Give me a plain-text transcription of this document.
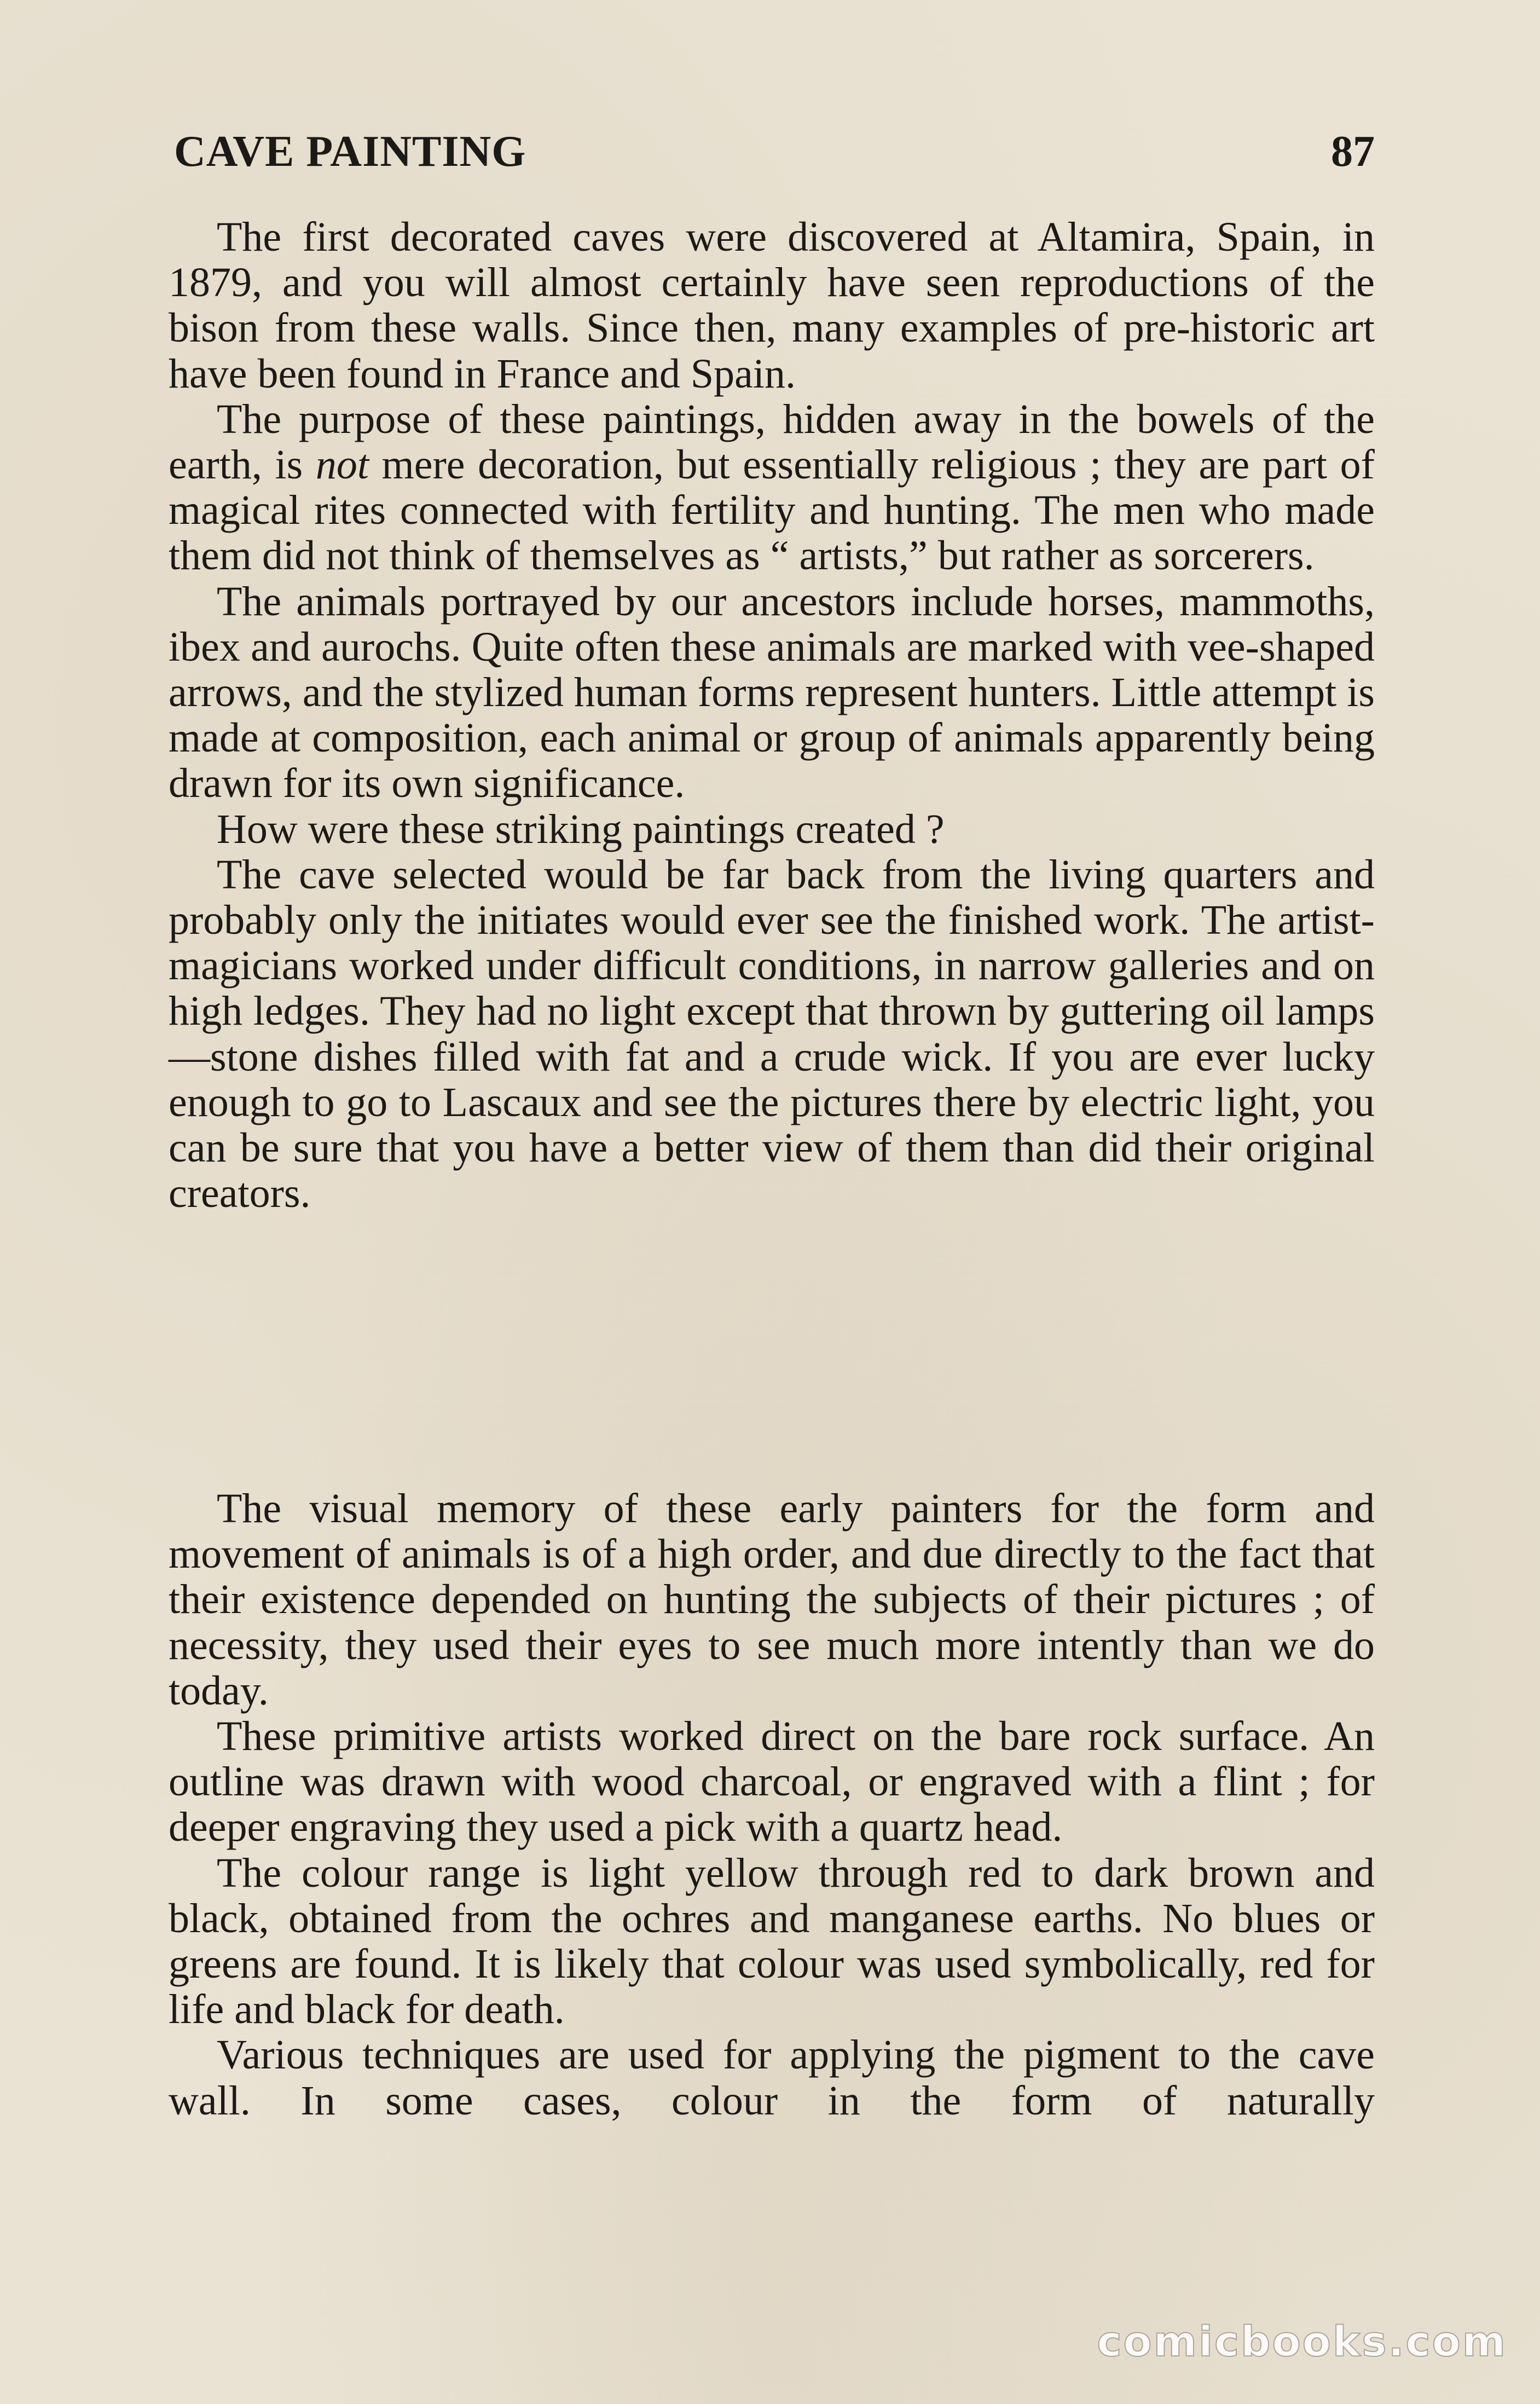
CAVE PAINTING	87

The first decorated caves were discovered at Altamira, Spain, in 1879, and you will almost certainly have seen reproductions of the bison from these walls. Since then, many examples of pre-historic art have been found in France and Spain.

The purpose of these paintings, hidden away in the bowels of the earth, is not mere decoration, but essentially religious ; they are part of magical rites connected with fertility and hunting. The men who made them did not think of themselves as “ artists,” but rather as sorcerers.

The animals portrayed by our ancestors include horses, mammoths, ibex and aurochs. Quite often these animals are marked with vee-shaped arrows, and the stylized human forms represent hunters. Little attempt is made at composition, each animal or group of animals apparently being drawn for its own significance.

How were these striking paintings created ?

The cave selected would be far back from the living quarters and probably only the initiates would ever see the finished work. The artist-magicians worked under difficult conditions, in narrow galleries and on high ledges. They had no light except that thrown by guttering oil lamps—stone dishes filled with fat and a crude wick. If you are ever lucky enough to go to Lascaux and see the pictures there by electric light, you can be sure that you have a better view of them than did their original creators.

The visual memory of these early painters for the form and movement of animals is of a high order, and due directly to the fact that their existence depended on hunting the subjects of their pictures ; of necessity, they used their eyes to see much more intently than we do today.

These primitive artists worked direct on the bare rock surface. An outline was drawn with wood charcoal, or engraved with a flint ; for deeper engraving they used a pick with a quartz head.

The colour range is light yellow through red to dark brown and black, obtained from the ochres and manganese earths. No blues or greens are found. It is likely that colour was used symbolically, red for life and black for death.

Various techniques are used for applying the pigment to the cave wall. In some cases, colour in the form of naturally

comicbooks.com
